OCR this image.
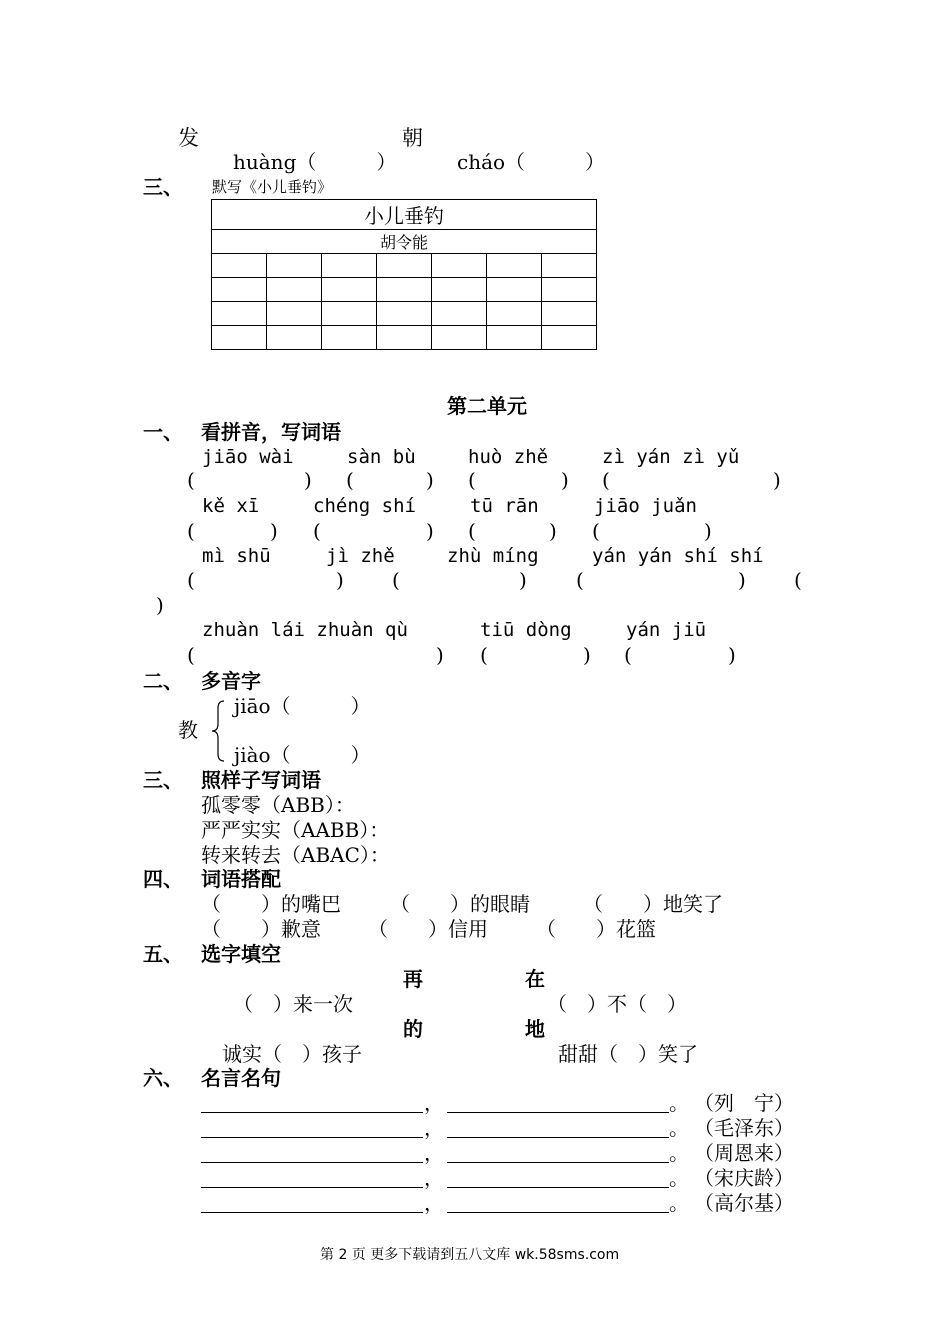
发	朝
huàng（　　　）	cháo（　　　）
三、 默写《小儿垂钓》
小儿垂钓						
胡令能						

第二单元
一、 看拼音，写词语
jiāo wài	sàn bù	huò zhě	zì yán zì yǔ
(	) (	) (	) (	)
kě xī	chéng shí	tū rān	jiāo juǎn
(	) (	) (	) (	)
mì shū	jì zhě	zhù míng	yán yán shí shí
(	) (	) (	) (
)
zhuàn lái zhuàn qù	tiū dòng	yán jiū
(	) (	) (	)
二、 多音字
教
jiāo（　　　）
jiào（　　　）
三、 照样子写词语
孤零零（ABB）：
严严实实（AABB）：
转来转去（ABAC）：
四、 词语搭配
（　　）的嘴巴 （　　）的眼睛	（　　）地笑了
（　　）歉意 （　　）信用 （　　）花篮
五、 选字填空
再	在
（　）来一次	（　）不（　）
的	地
诚实（　）孩子	甜甜（　）笑了
六、 名言名句
，	。 （列　宁）
，	。 （毛泽东）
，	。 （周恩来）
，	。 （宋庆龄）
，	。 （高尔基）
第 2 页 更多下载请到五八文库 wk.58sms.com
